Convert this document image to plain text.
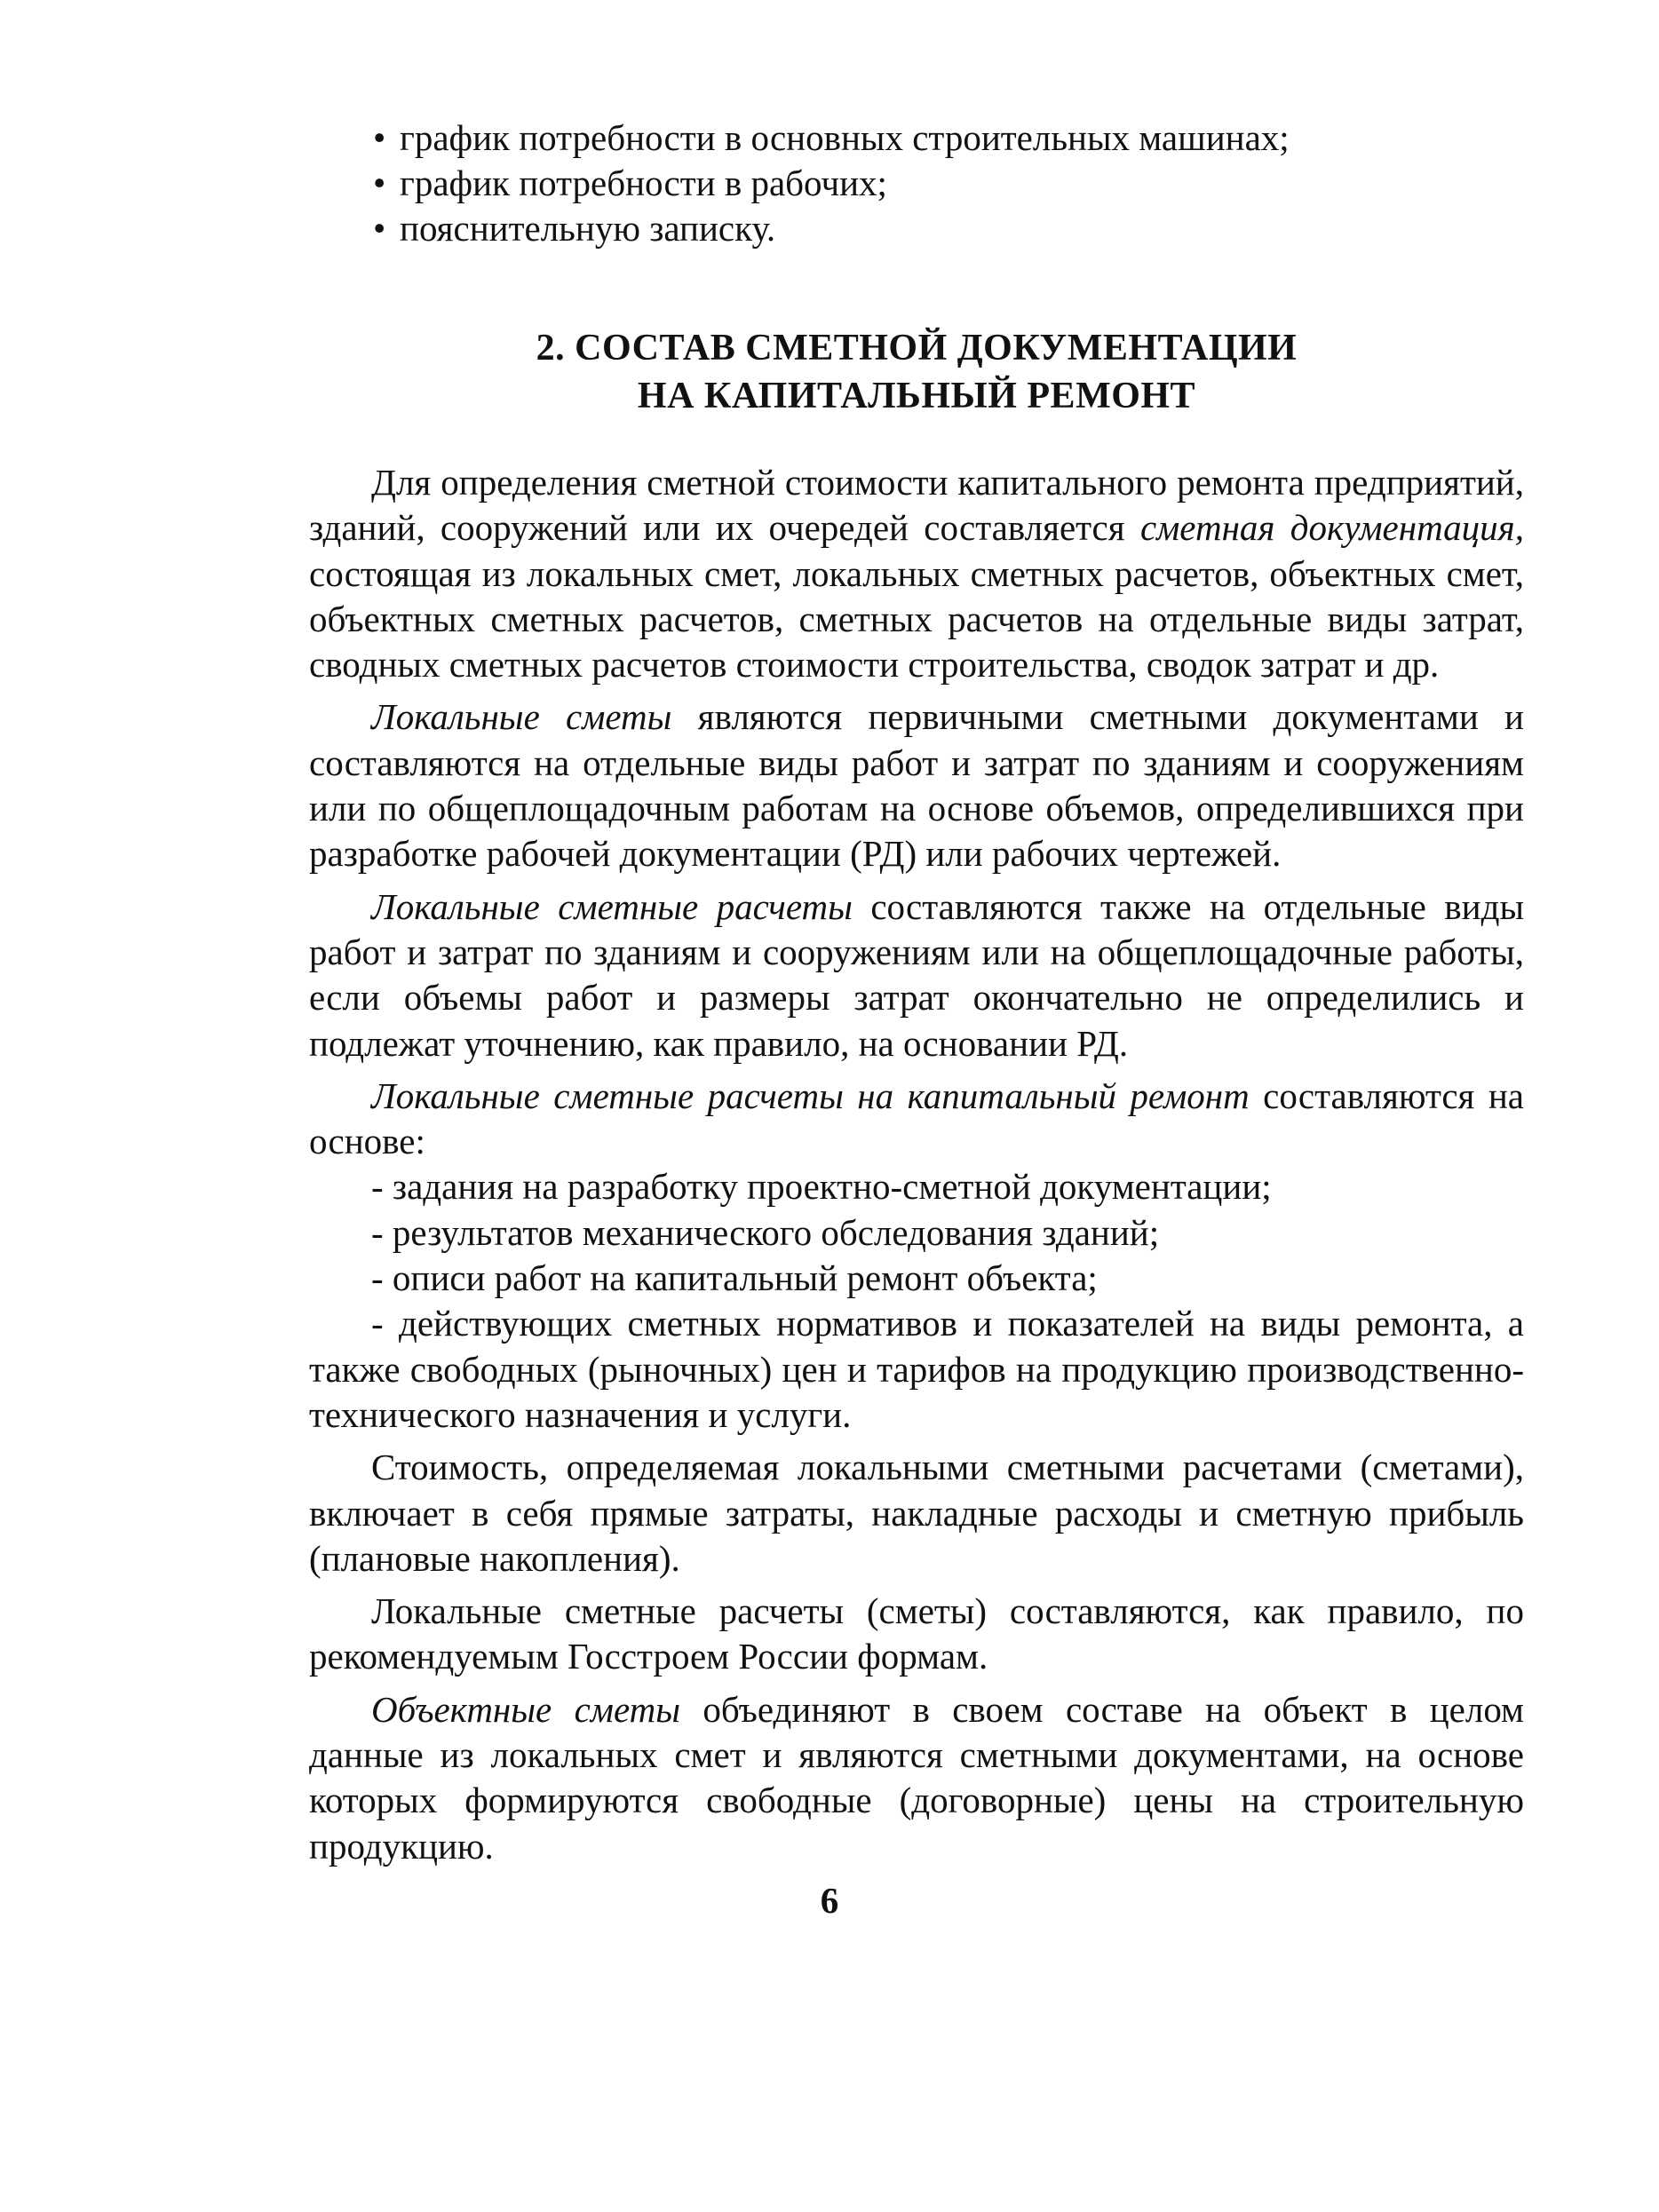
• график потребности в основных строительных машинах;
• график потребности в рабочих;
• пояснительную записку.
2. СОСТАВ СМЕТНОЙ ДОКУМЕНТАЦИИ
НА КАПИТАЛЬНЫЙ РЕМОНТ

Для определения сметной стоимости капитального ремонта предприятий, зданий, сооружений или их очередей составляется сметная документация, состоящая из локальных смет, локальных сметных расчетов, объектных смет, объектных сметных расчетов, сметных расчетов на отдельные виды затрат, сводных сметных расчетов стоимости строительства, сводок затрат и др.

Локальные сметы являются первичными сметными документами и составляются на отдельные виды работ и затрат по зданиям и сооружениям или по общеплощадочным работам на основе объемов, определившихся при разработке рабочей документации (РД) или рабочих чертежей.

Локальные сметные расчеты составляются также на отдельные виды работ и затрат по зданиям и сооружениям или на общеплощадочные работы, если объемы работ и размеры затрат окончательно не определились и подлежат уточнению, как правило, на основании РД.

Локальные сметные расчеты на капитальный ремонт составляются на основе:

- задания на разработку проектно-сметной документации;

- результатов механического обследования зданий;

- описи работ на капитальный ремонт объекта;

- действующих сметных нормативов и показателей на виды ремонта, а также свободных (рыночных) цен и тарифов на продукцию производственно-технического назначения и услуги.

Стоимость, определяемая локальными сметными расчетами (сметами), включает в себя прямые затраты, накладные расходы и сметную прибыль (плановые накопления).

Локальные сметные расчеты (сметы) составляются, как правило, по рекомендуемым Госстроем России формам.

Объектные сметы объединяют в своем составе на объект в целом данные из локальных смет и являются сметными документами, на основе которых формируются свободные (договорные) цены на строительную продукцию.

6
